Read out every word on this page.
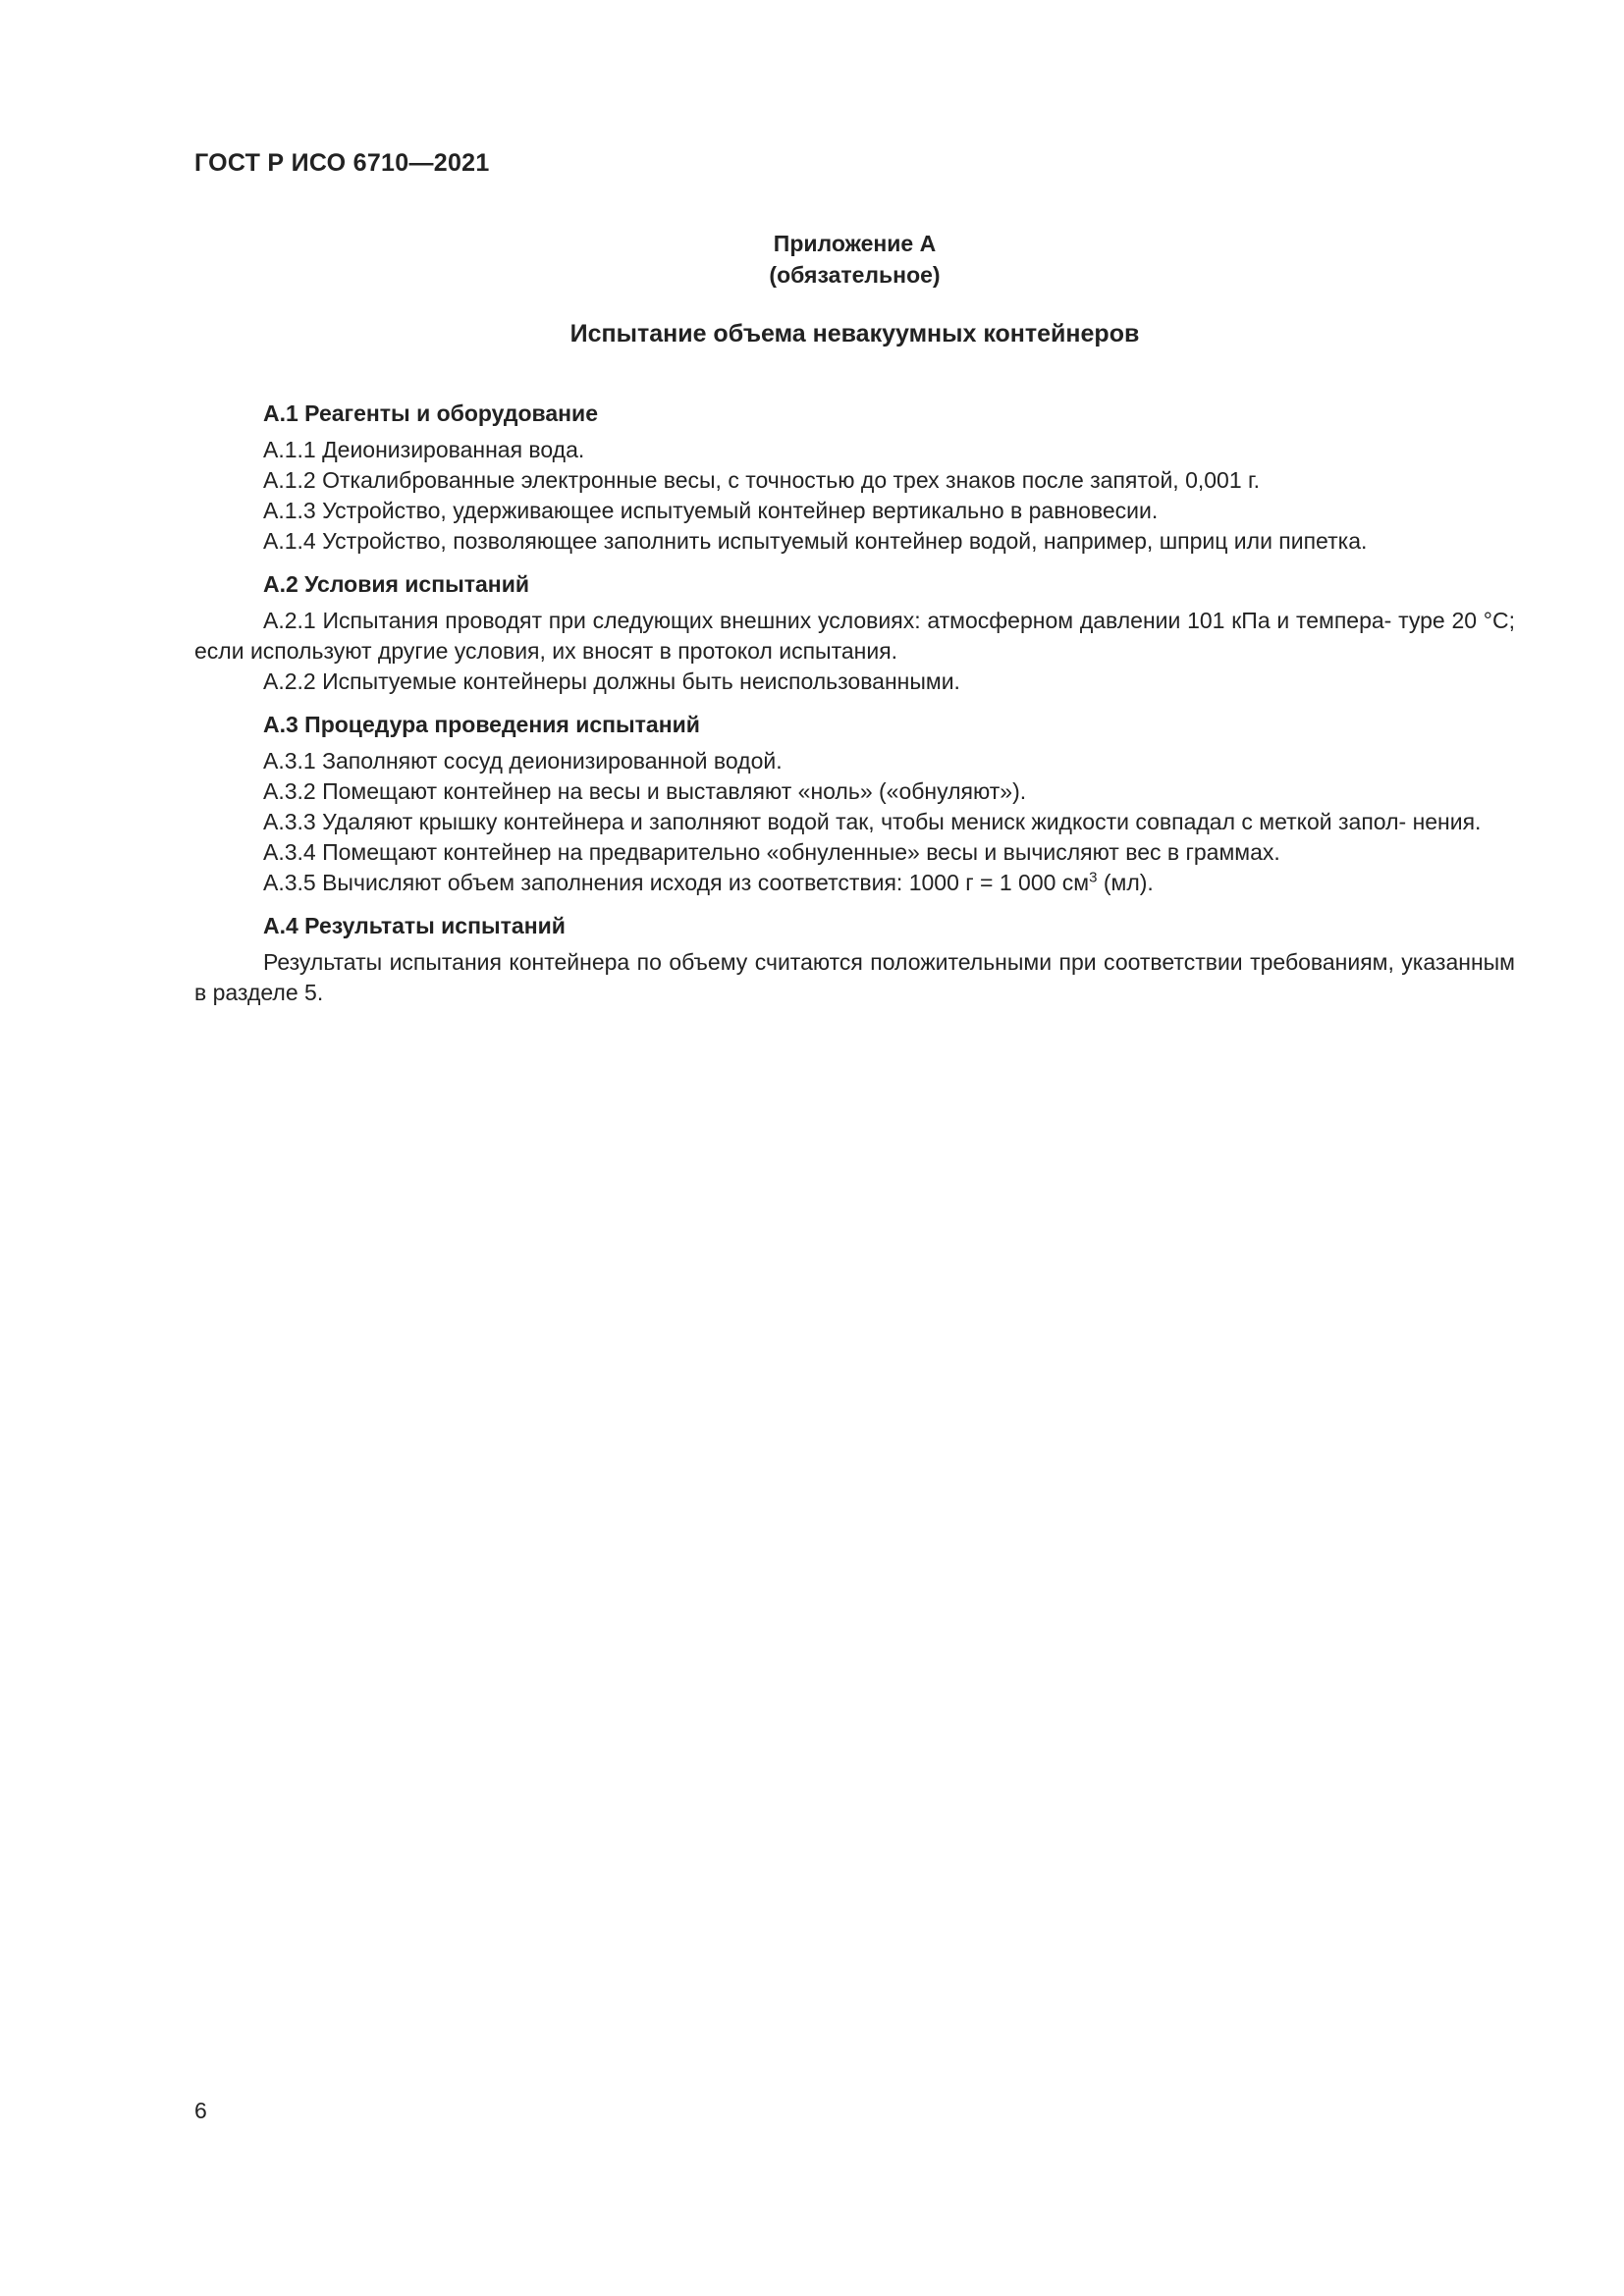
ГОСТ Р ИСО 6710—2021
Приложение А
(обязательное)
Испытание объема невакуумных контейнеров
А.1 Реагенты и оборудование

А.1.1 Деионизированная вода.

А.1.2 Откалиброванные электронные весы, с точностью до трех знаков после запятой, 0,001 г.

А.1.3 Устройство, удерживающее испытуемый контейнер вертикально в равновесии.

А.1.4 Устройство, позволяющее заполнить испытуемый контейнер водой, например, шприц или пипетка.

А.2 Условия испытаний

А.2.1 Испытания проводят при следующих внешних условиях: атмосферном давлении 101 кПа и темпера- туре 20 °С; если используют другие условия, их вносят в протокол испытания.

А.2.2 Испытуемые контейнеры должны быть неиспользованными.

А.3 Процедура проведения испытаний

А.3.1 Заполняют сосуд деионизированной водой.

А.3.2 Помещают контейнер на весы и выставляют «ноль» («обнуляют»).

А.3.3 Удаляют крышку контейнера и заполняют водой так, чтобы мениск жидкости совпадал с меткой запол- нения.

А.3.4 Помещают контейнер на предварительно «обнуленные» весы и вычисляют вес в граммах.

А.3.5 Вычисляют объем заполнения исходя из соответствия: 1000 г = 1 000 $см^3$ (мл).

А.4 Результаты испытаний

Результаты испытания контейнера по объему считаются положительными при соответствии требованиям, указанным в разделе 5.

6
